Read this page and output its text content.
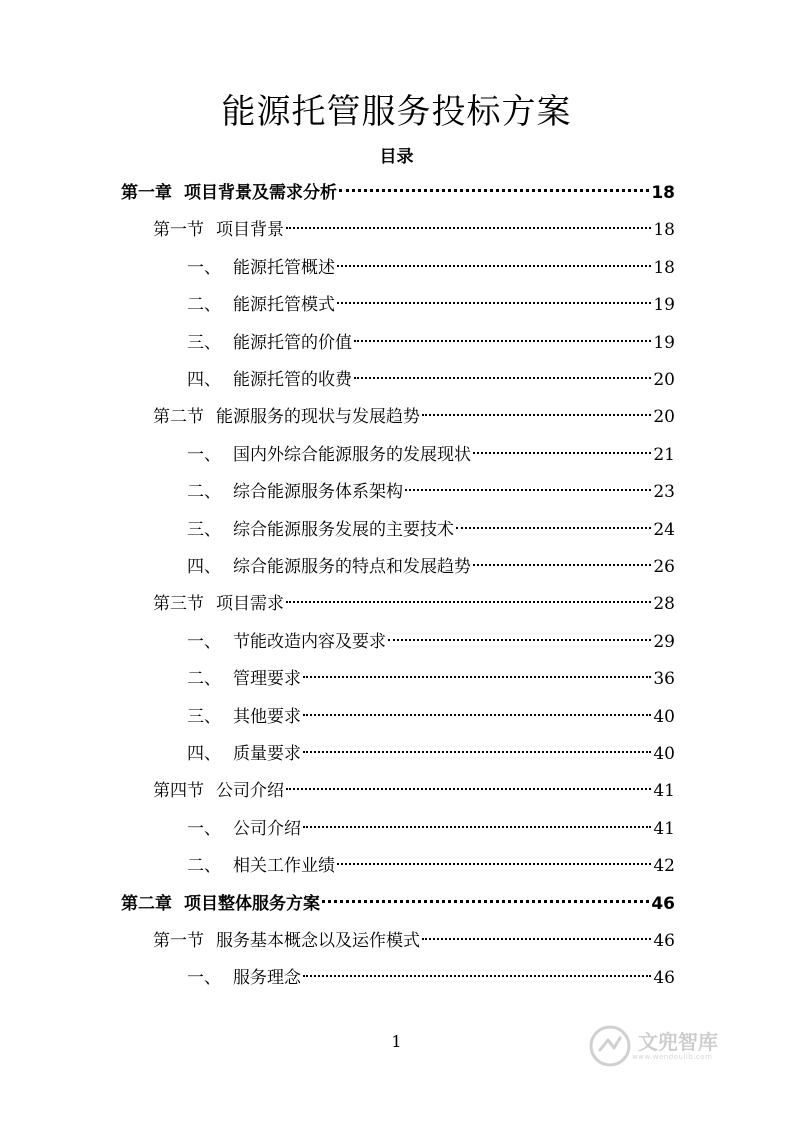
能源托管服务投标方案
目录
第一章 项目背景及需求分析	18
第一节 项目背景	18
一、 能源托管概述	18
二、 能源托管模式	19
三、 能源托管的价值	19
四、 能源托管的收费	20
第二节 能源服务的现状与发展趋势	20
一、 国内外综合能源服务的发展现状	21
二、 综合能源服务体系架构	23
三、 综合能源服务发展的主要技术	24
四、 综合能源服务的特点和发展趋势	26
第三节 项目需求	28
一、 节能改造内容及要求	29
二、 管理要求	36
三、 其他要求	40
四、 质量要求	40
第四节 公司介绍	41
一、 公司介绍	41
二、 相关工作业绩	42
第二章 项目整体服务方案	46
第一节 服务基本概念以及运作模式	46
一、 服务理念	46
1	文兜智库
www.wendoulib.com
